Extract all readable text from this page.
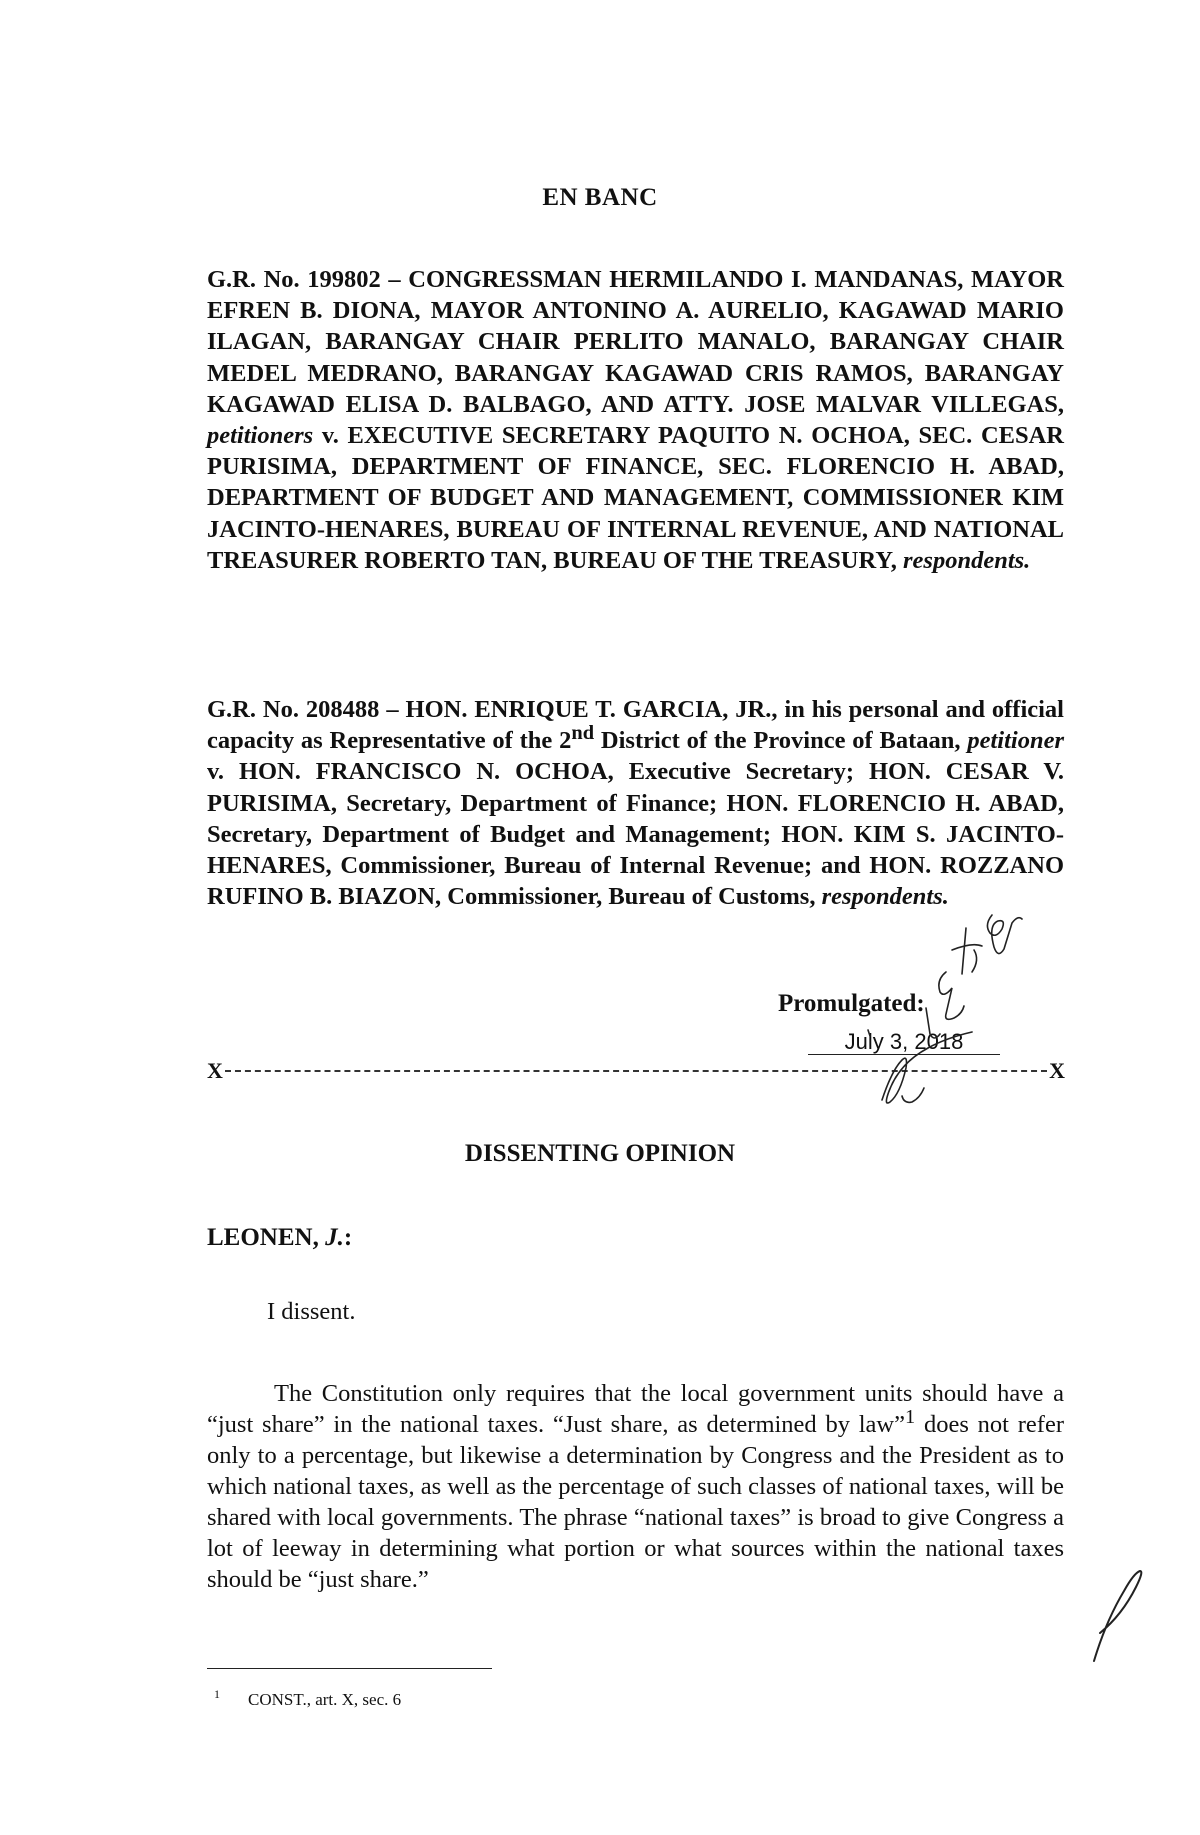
EN BANC
G.R. No. 199802 – CONGRESSMAN HERMILANDO I. MANDANAS, MAYOR EFREN B. DIONA, MAYOR ANTONINO A. AURELIO, KAGAWAD MARIO ILAGAN, BARANGAY CHAIR PERLITO MANALO, BARANGAY CHAIR MEDEL MEDRANO, BARANGAY KAGAWAD CRIS RAMOS, BARANGAY KAGAWAD ELISA D. BALBAGO, AND ATTY. JOSE MALVAR VILLEGAS, petitioners v. EXECUTIVE SECRETARY PAQUITO N. OCHOA, SEC. CESAR PURISIMA, DEPARTMENT OF FINANCE, SEC. FLORENCIO H. ABAD, DEPARTMENT OF BUDGET AND MANAGEMENT, COMMISSIONER KIM JACINTO-HENARES, BUREAU OF INTERNAL REVENUE, AND NATIONAL TREASURER ROBERTO TAN, BUREAU OF THE TREASURY, respondents.
G.R. No. 208488 – HON. ENRIQUE T. GARCIA, JR., in his personal and official capacity as Representative of the 2nd District of the Province of Bataan, petitioner v. HON. FRANCISCO N. OCHOA, Executive Secretary; HON. CESAR V. PURISIMA, Secretary, Department of Finance; HON. FLORENCIO H. ABAD, Secretary, Department of Budget and Management; HON. KIM S. JACINTO-HENARES, Commissioner, Bureau of Internal Revenue; and HON. ROZZANO RUFINO B. BIAZON, Commissioner, Bureau of Customs, respondents.
Promulgated:
July 3, 2018
X	X
DISSENTING OPINION
LEONEN, J.:
I dissent.
The Constitution only requires that the local government units should have a “just share” in the national taxes. “Just share, as determined by law”$^1$ does not refer only to a percentage, but likewise a determination by Congress and the President as to which national taxes, as well as the percentage of such classes of national taxes, will be shared with local governments. The phrase “national taxes” is broad to give Congress a lot of leeway in determining what portion or what sources within the national taxes should be “just share.”
$^1$ CONST., art. X, sec. 6
